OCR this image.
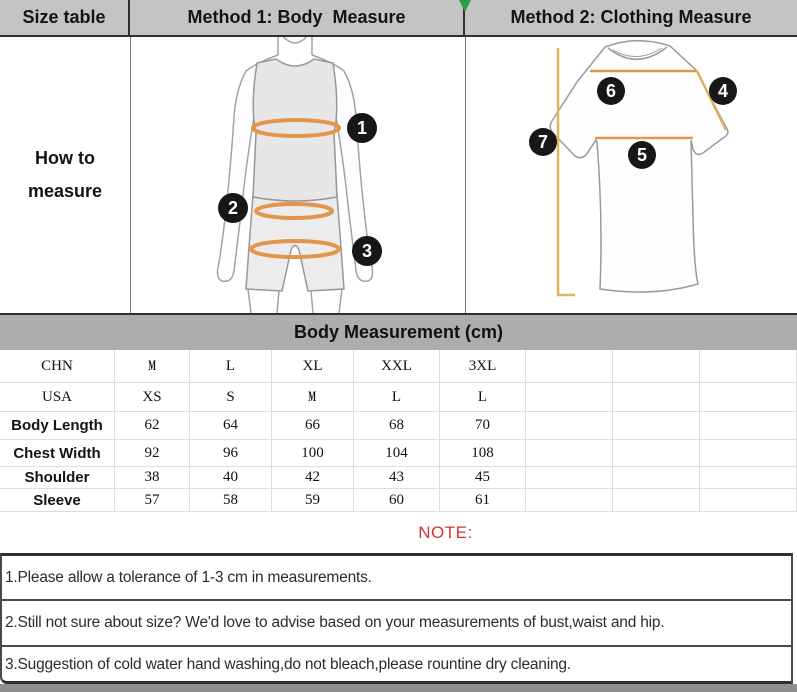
Size table	Method 1: Body  Measure	Method 2: Clothing Measure
How to
measure
1
2
3
4
6
5
7
Body Measurement (cm)
CHN	M	L	XL	XXL	3XL
USA	XS	S	M	L	L
Body Length	62	64	66	68	70
Chest Width	92	96	100	104	108
Shoulder	38	40	42	43	45
Sleeve	57	58	59	60	61
NOTE:
1.Please allow a tolerance of 1-3 cm in measurements.
2.Still not sure about size? We'd love to advise based on your measurements of bust,waist and hip.
3.Suggestion of cold water hand washing,do not bleach,please rountine dry cleaning.
